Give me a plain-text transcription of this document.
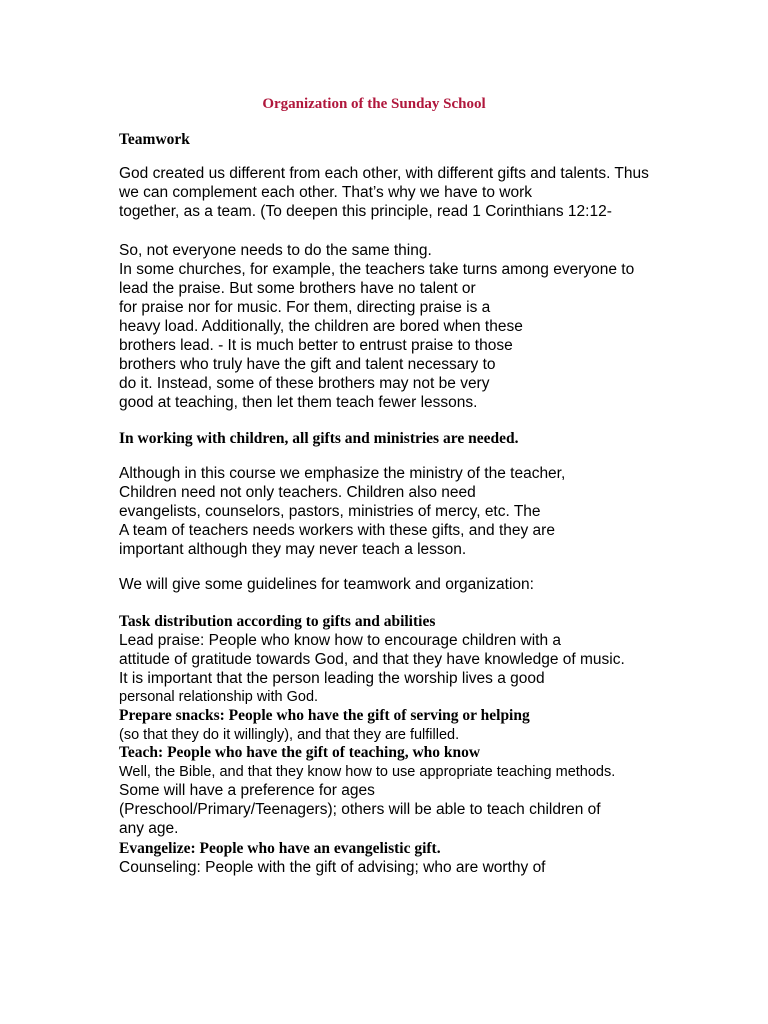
Organization of the Sunday School
Teamwork
God created us different from each other, with different gifts and talents. Thus
we can complement each other. That’s why we have to work
together, as a team. (To deepen this principle, read 1 Corinthians 12:12-
So, not everyone needs to do the same thing.
In some churches, for example, the teachers take turns among everyone to
lead the praise. But some brothers have no talent or
for praise nor for music. For them, directing praise is a
heavy load. Additionally, the children are bored when these
brothers lead. - It is much better to entrust praise to those
brothers who truly have the gift and talent necessary to
do it. Instead, some of these brothers may not be very
good at teaching, then let them teach fewer lessons.
In working with children, all gifts and ministries are needed.
Although in this course we emphasize the ministry of the teacher,
Children need not only teachers. Children also need
evangelists, counselors, pastors, ministries of mercy, etc. The
A team of teachers needs workers with these gifts, and they are
important although they may never teach a lesson.
We will give some guidelines for teamwork and organization:
Task distribution according to gifts and abilities
Lead praise: People who know how to encourage children with a
attitude of gratitude towards God, and that they have knowledge of music.
It is important that the person leading the worship lives a good
personal relationship with God.
Prepare snacks: People who have the gift of serving or helping
(so that they do it willingly), and that they are fulfilled.
Teach: People who have the gift of teaching, who know
Well, the Bible, and that they know how to use appropriate teaching methods.
Some will have a preference for ages
(Preschool/Primary/Teenagers); others will be able to teach children of
any age.
Evangelize: People who have an evangelistic gift.
Counseling: People with the gift of advising; who are worthy of
